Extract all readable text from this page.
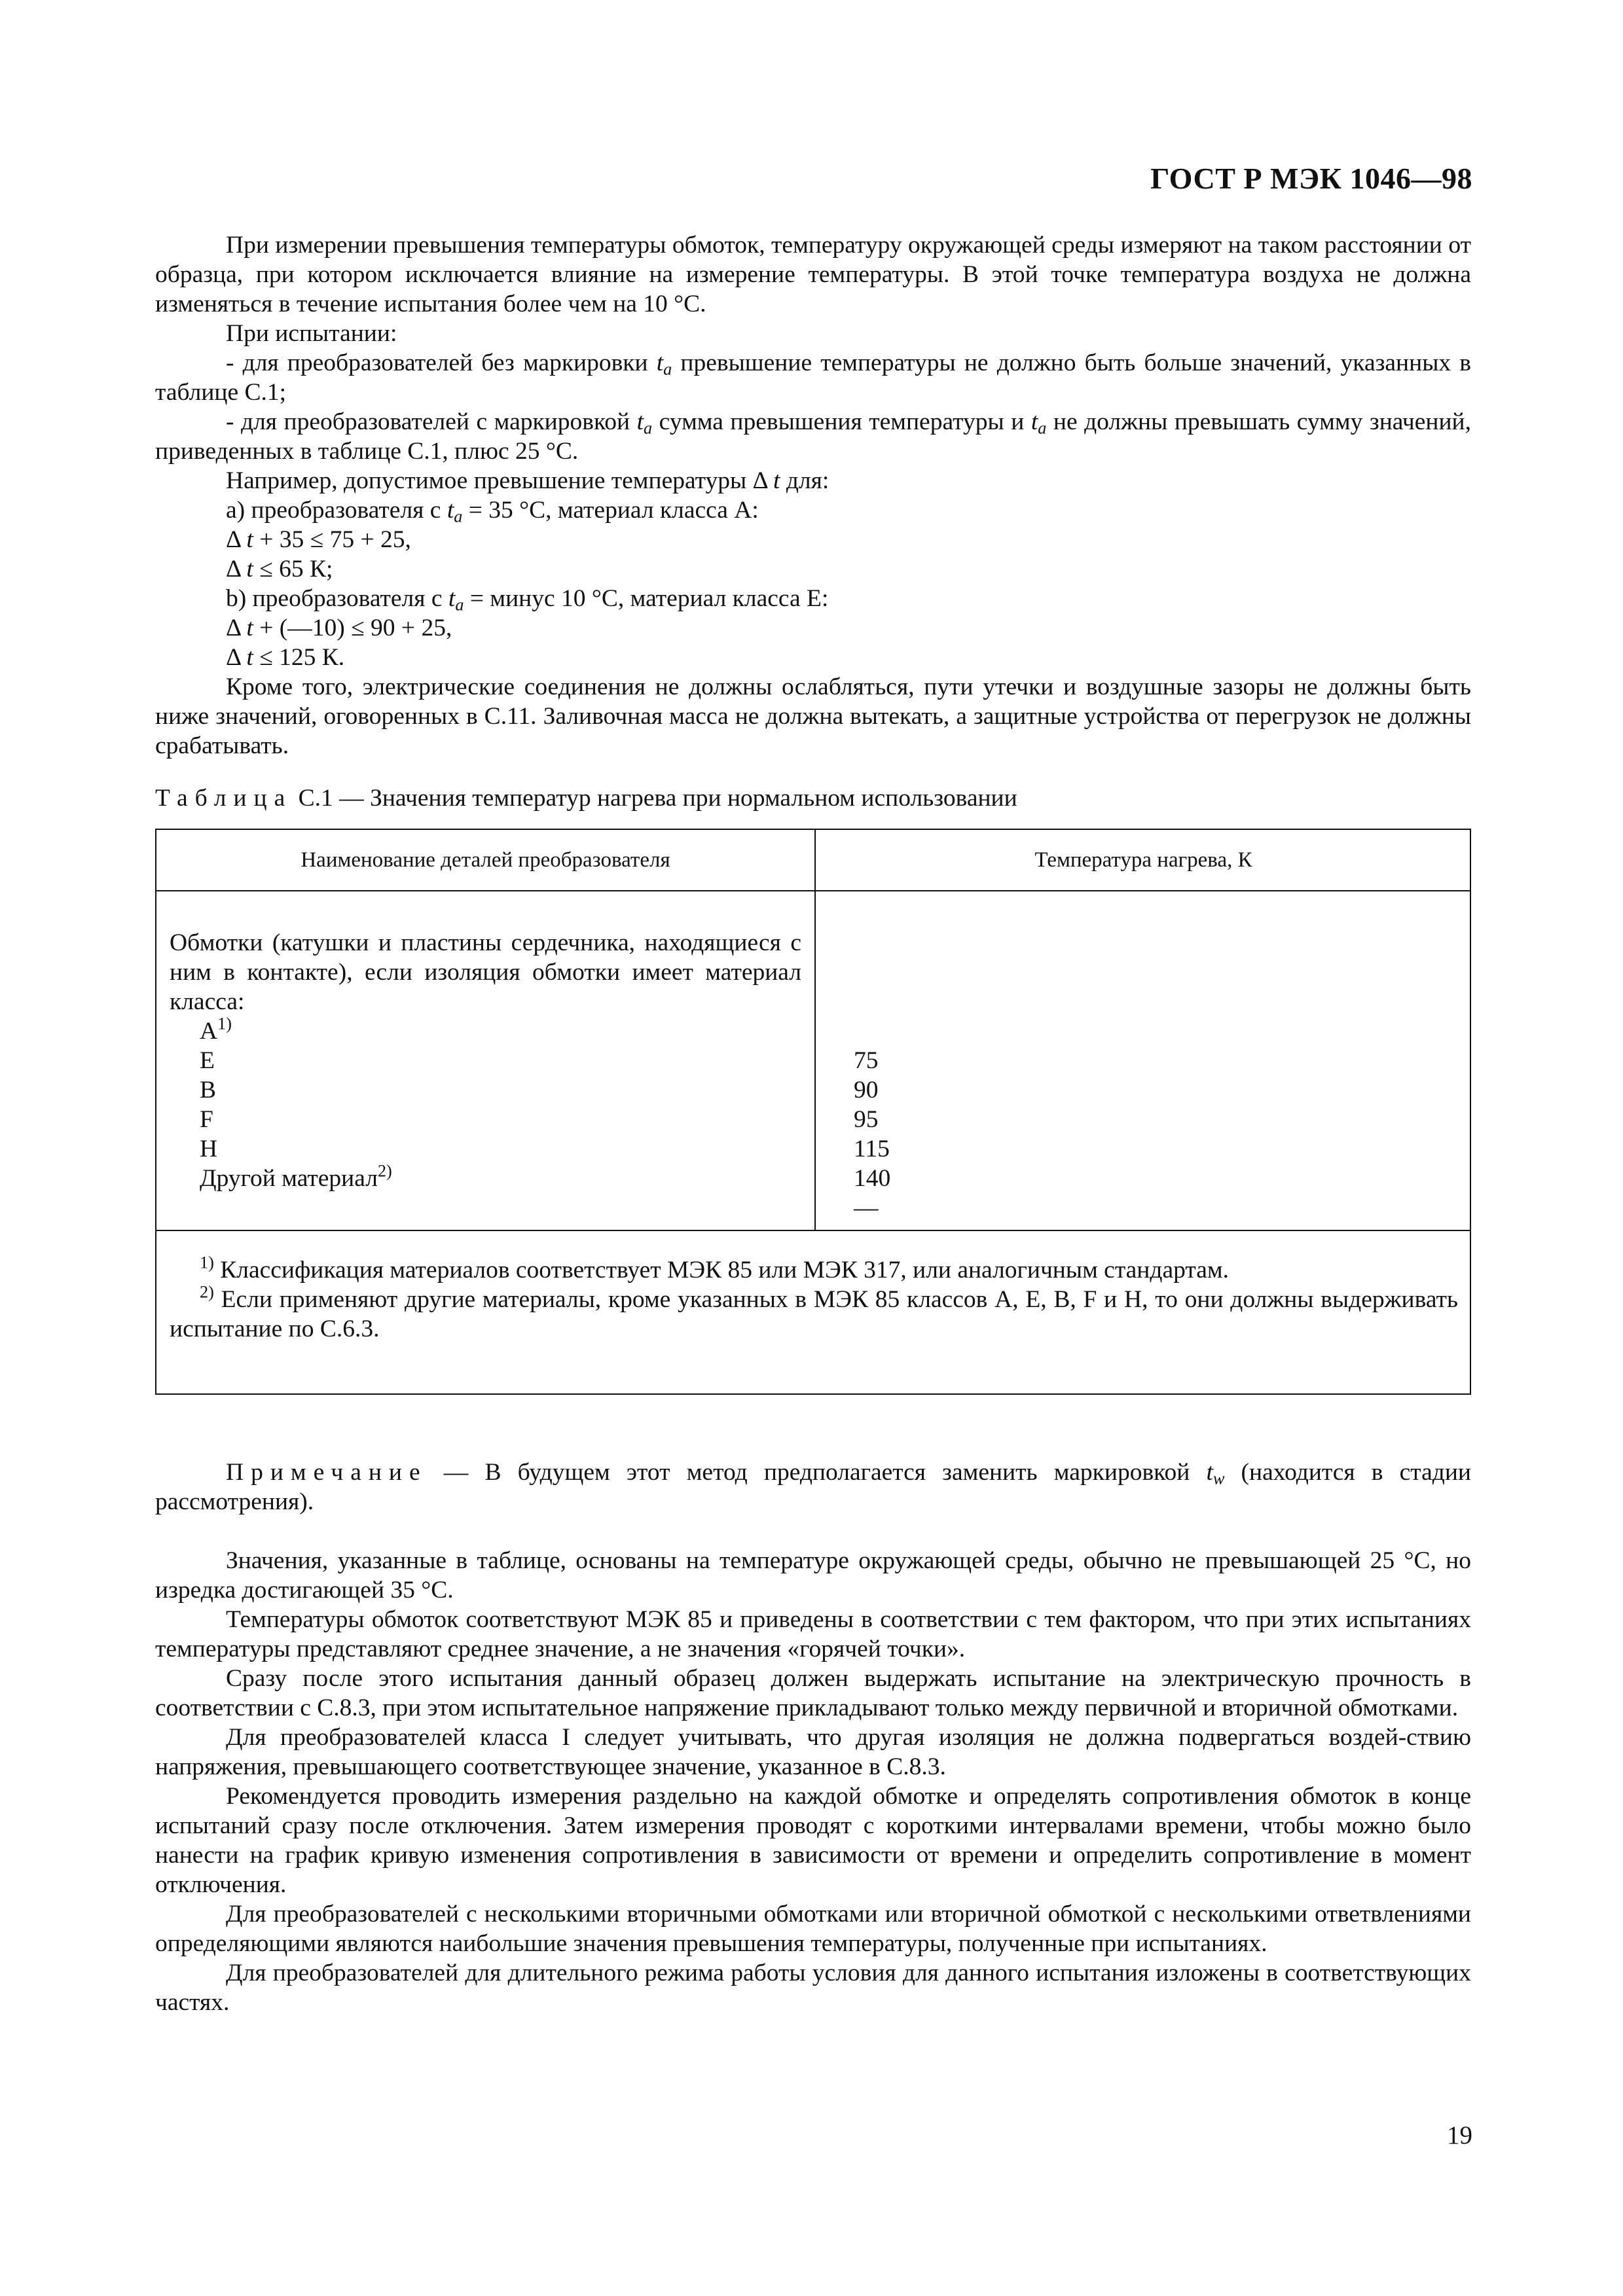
ГОСТ Р МЭК 1046—98

При измерении превышения температуры обмоток, температуру окружающей среды измеряют на таком расстоянии от образца, при котором исключается влияние на измерение температуры. В этой точке температура воздуха не должна изменяться в течение испытания более чем на 10 °С.

При испытании:

- для преобразователей без маркировки $t_a$ превышение температуры не должно быть больше значений, указанных в таблице С.1;

- для преобразователей с маркировкой $t_a$ сумма превышения температуры и $t_a$ не должны превышать сумму значений, приведенных в таблице С.1, плюс 25 °С.

Например, допустимое превышение температуры Δ t для:

а) преобразователя с $t_a = 35$ °С, материал класса А:

Δ t + 35 ≤ 75 + 25,

Δ t ≤ 65 К;

b) преобразователя с $t_a$ = минус 10 °С, материал класса Е:

Δ t + (—10) ≤ 90 + 25,

Δ t ≤ 125 К.

Кроме того, электрические соединения не должны ослабляться, пути утечки и воздушные зазоры не должны быть ниже значений, оговоренных в С.11. Заливочная масса не должна вытекать, а защитные устройства от перегрузок не должны срабатывать.

Таблица С.1 — Значения температур нагрева при нормальном использовании
Наименование деталей преобразователя	Температура нагрева, К

Обмотки (катушки и пластины сердечника, находящиеся с ним в контакте), если изоляция обмотки имеет материал класса:

$А^{1)}$
Е
В
F
Н
Другой материал$^{2)}$
75
90
95
115
140
—

$^{1)}$ Классификация материалов соответствует МЭК 85 или МЭК 317, или аналогичным стандартам.

$^{2)}$ Если применяют другие материалы, кроме указанных в МЭК 85 классов А, Е, В, F и Н, то они должны выдерживать испытание по С.6.3.

Примечание — В будущем этот метод предполагается заменить маркировкой $t_w$ (находится в стадии рассмотрения).

Значения, указанные в таблице, основаны на температуре окружающей среды, обычно не превышающей 25 °С, но изредка достигающей 35 °С.

Температуры обмоток соответствуют МЭК 85 и приведены в соответствии с тем фактором, что при этих испытаниях температуры представляют среднее значение, а не значения «горячей точки».

Сразу после этого испытания данный образец должен выдержать испытание на электрическую прочность в соответствии с С.8.3, при этом испытательное напряжение прикладывают только между первичной и вторичной обмотками.

Для преобразователей класса I следует учитывать, что другая изоляция не должна подвергаться воздей-ствию напряжения, превышающего соответствующее значение, указанное в С.8.3.

Рекомендуется проводить измерения раздельно на каждой обмотке и определять сопротивления обмоток в конце испытаний сразу после отключения. Затем измерения проводят с короткими интервалами времени, чтобы можно было нанести на график кривую изменения сопротивления в зависимости от времени и определить сопротивление в момент отключения.

Для преобразователей с несколькими вторичными обмотками или вторичной обмоткой с несколькими ответвлениями определяющими являются наибольшие значения превышения температуры, полученные при испытаниях.

Для преобразователей для длительного режима работы условия для данного испытания изложены в соответствующих частях.

19
